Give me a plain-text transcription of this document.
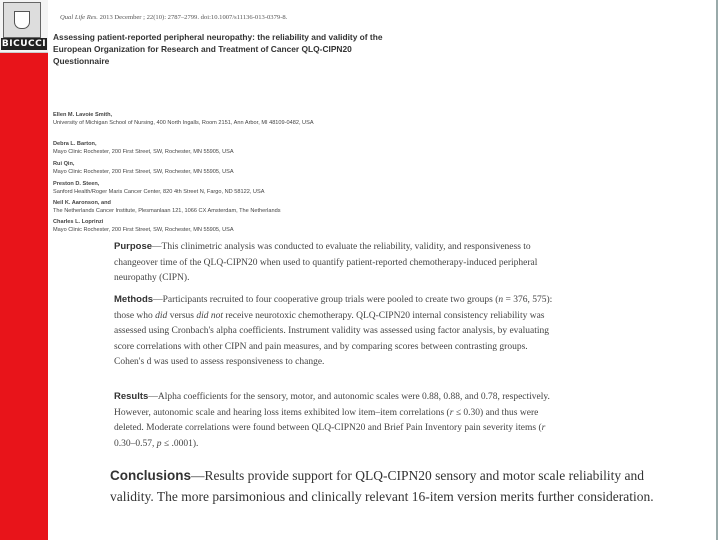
BICUCCI
Qual Life Res. 2013 December ; 22(10): 2787–2799. doi:10.1007/s11136-013-0379-8.
Assessing patient-reported peripheral neuropathy: the reliability and validity of the European Organization for Research and Treatment of Cancer QLQ-CIPN20 Questionnaire
Ellen M. Lavoie Smith,
University of Michigan School of Nursing, 400 North Ingalls, Room 2151, Ann Arbor, MI 48109-0482, USA
Debra L. Barton,
Mayo Clinic Rochester, 200 First Street, SW, Rochester, MN 55905, USA
Rui Qin,
Mayo Clinic Rochester, 200 First Street, SW, Rochester, MN 55905, USA
Preston D. Steen,
Sanford Health/Roger Maris Cancer Center, 820 4th Street N, Fargo, ND 58122, USA
Neil K. Aaronson, and
The Netherlands Cancer Institute, Plesmanlaan 121, 1066 CX Amsterdam, The Netherlands
Charles L. Loprinzi
Mayo Clinic Rochester, 200 First Street, SW, Rochester, MN 55905, USA
Purpose—This clinimetric analysis was conducted to evaluate the reliability, validity, and responsiveness to changeover time of the QLQ-CIPN20 when used to quantify patient-reported chemotherapy-induced peripheral neuropathy (CIPN).
Methods—Participants recruited to four cooperative group trials were pooled to create two groups (n = 376, 575): those who did versus did not receive neurotoxic chemotherapy. QLQ-CIPN20 internal consistency reliability was assessed using Cronbach's alpha coefficients. Instrument validity was assessed using factor analysis, by evaluating score correlations with other CIPN and pain measures, and by comparing scores between contrasting groups. Cohen's d was used to assess responsiveness to change.
Results—Alpha coefficients for the sensory, motor, and autonomic scales were 0.88, 0.88, and 0.78, respectively. However, autonomic scale and hearing loss items exhibited low item–item correlations (r ≤ 0.30) and thus were deleted. Moderate correlations were found between QLQ-CIPN20 and Brief Pain Inventory pain severity items (r 0.30–0.57, p ≤ .0001).
Conclusions—Results provide support for QLQ-CIPN20 sensory and motor scale reliability and validity. The more parsimonious and clinically relevant 16-item version merits further consideration.
